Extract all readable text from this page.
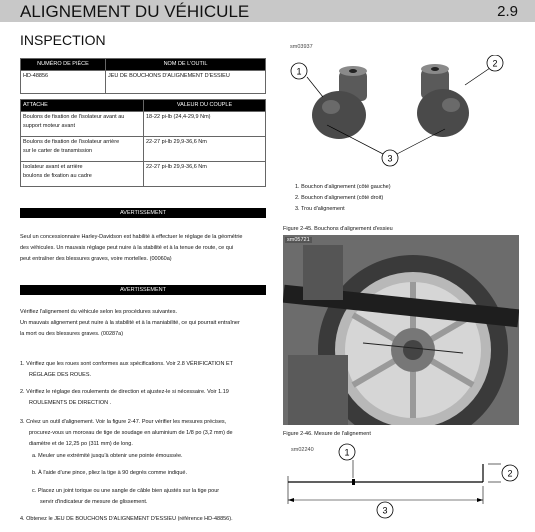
ALIGNEMENT DU VÉHICULE	2.9
INSPECTION
NUMÉRO DE PIÈCE	NOM DE L'OUTIL
HD-48856	JEU DE BOUCHONS D'ALIGNEMENT D'ESSIEU
ATTACHE	VALEUR DU COUPLE

Boulons de fixation de l'isolateur avant au
support moteur avant	18-22 pi-lb (24,4-29,9 Nm)

Boulons de fixation de l'isolateur arrière
sur le carter de transmission	22-27 pi-lb 29,9-36,6 Nm

Isolateur avant et arrière
boulons de fixation au cadre	22-27 pi-lb 29,9-36,6 Nm
AVERTISSEMENT
Seul un concessionnaire Harley-Davidson est habilité à effectuer le réglage de la géométrie
des véhicules. Un mauvais réglage peut nuire à la stabilité et à la tenue de route, ce qui
peut entraîner des blessures graves, voire mortelles. (00060a)
AVERTISSEMENT
Vérifiez l'alignement du véhicule selon les procédures suivantes.
Un mauvais alignement peut nuire à la stabilité et à la maniabilité, ce qui pourrait entraîner
la mort ou des blessures graves. (00287a)
1. Vérifiez que les roues sont conformes aux spécifications. Voir 2.8 VÉRIFICATION ET
RÉGLAGE DES ROUES.
2. Vérifiez le réglage des roulements de direction et ajustez-le si nécessaire. Voir 1.19
ROULEMENTS DE DIRECTION .
3. Créez un outil d'alignement. Voir la figure 2-47. Pour vérifier les mesures précises,
procurez-vous un morceau de tige de soudage en aluminium de 1/8 po (3,2 mm) de
diamètre et de 12,25 po (311 mm) de long.
a. Meuler une extrémité jusqu'à obtenir une pointe émoussée.
b. À l'aide d'une pince, pliez la tige à 90 degrés comme indiqué.
c. Placez un joint torique ou une sangle de câble bien ajustés sur la tige pour
servir d'indicateur de mesure de glissement.
4. Obtenez le JEU DE BOUCHONS D'ALIGNEMENT D'ESSIEU (référence HD-48856).
sm03937
1
2
3
1. Bouchon d'alignement (côté gauche)
2. Bouchon d'alignement (côté droit)
3. Trou d'alignement
Figure 2-45. Bouchons d'alignement d'essieu
sm05721
Figure 2-46. Mesure de l'alignement
sm02240	1
2
3
